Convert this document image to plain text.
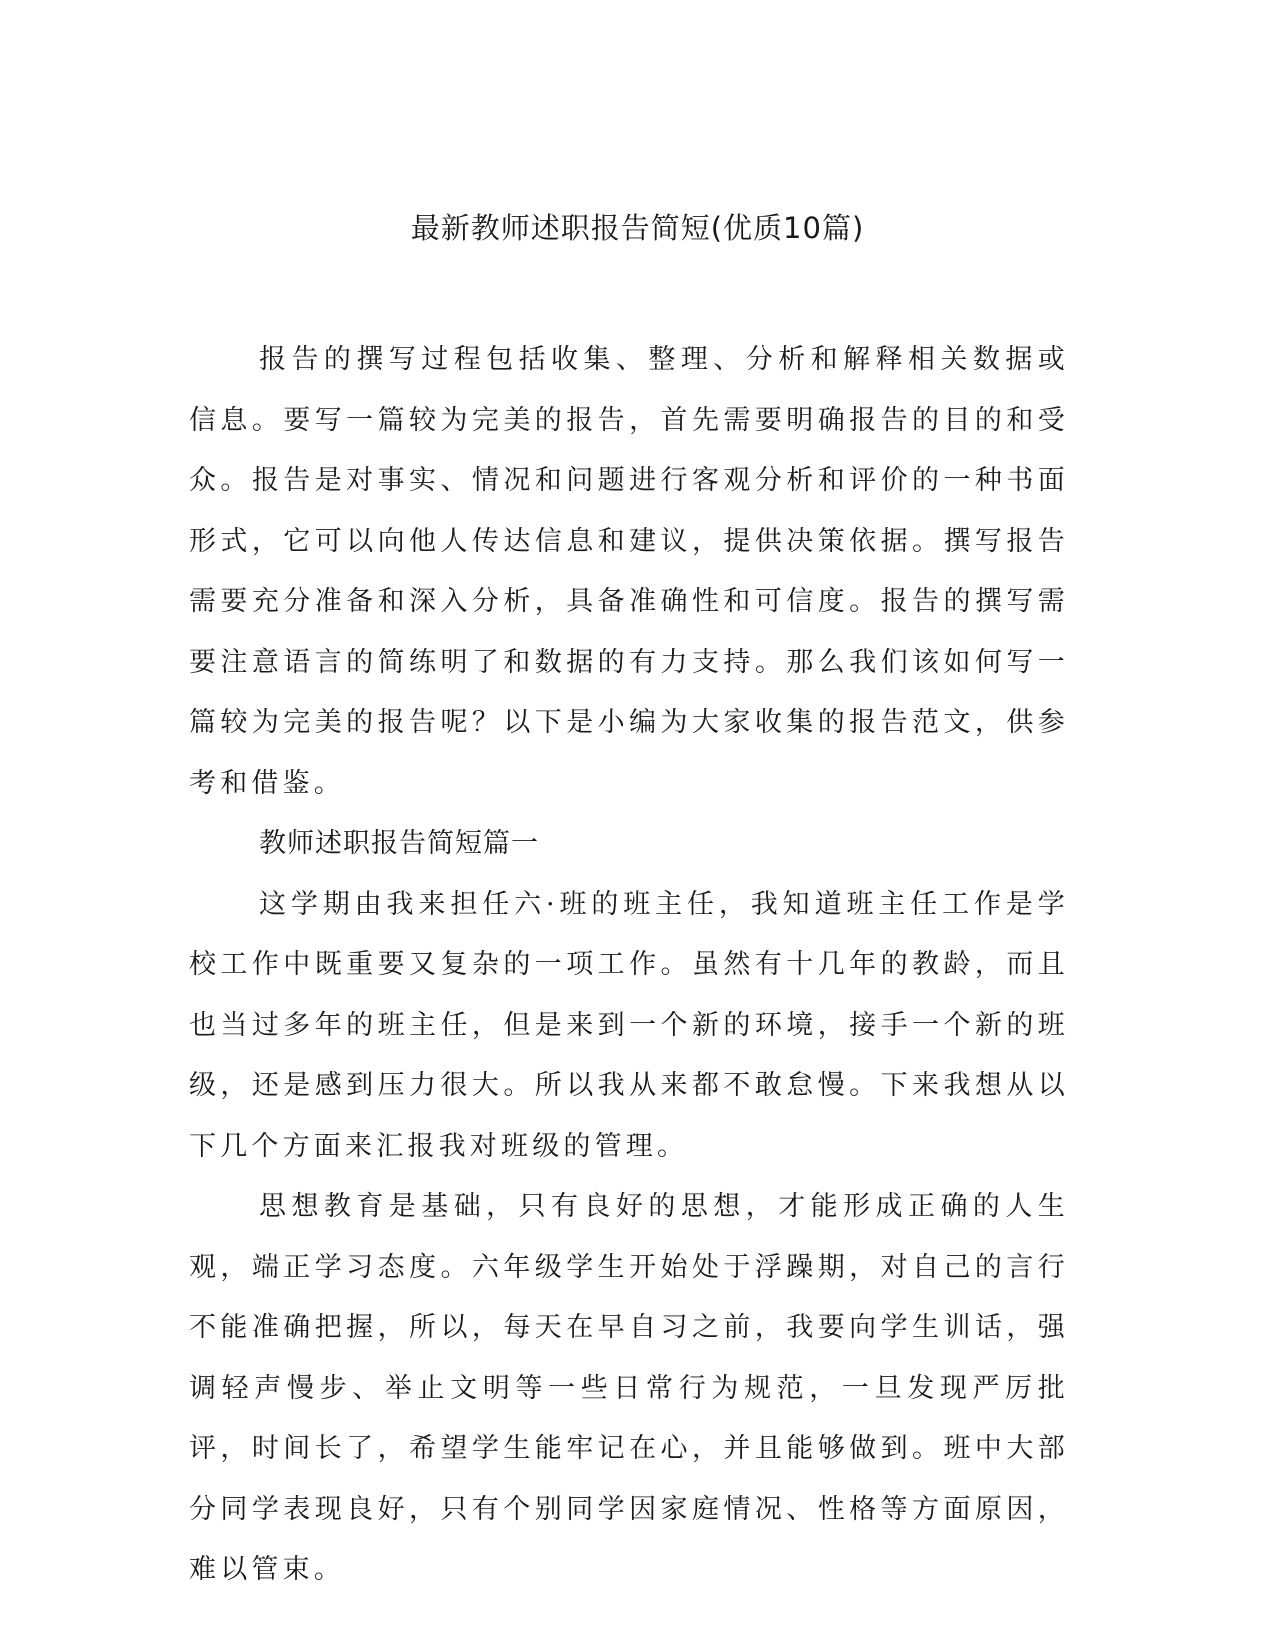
最新教师述职报告简短(优质10篇)

报告的撰写过程包括收集、整理、分析和解释相关数据或信息。要写一篇较为完美的报告，首先需要明确报告的目的和受众。报告是对事实、情况和问题进行客观分析和评价的一种书面形式，它可以向他人传达信息和建议，提供决策依据。撰写报告需要充分准备和深入分析，具备准确性和可信度。报告的撰写需要注意语言的简练明了和数据的有力支持。那么我们该如何写一篇较为完美的报告呢？以下是小编为大家收集的报告范文，供参考和借鉴。

教师述职报告简短篇一

这学期由我来担任六·班的班主任，我知道班主任工作是学校工作中既重要又复杂的一项工作。虽然有十几年的教龄，而且也当过多年的班主任，但是来到一个新的环境，接手一个新的班级，还是感到压力很大。所以我从来都不敢怠慢。下来我想从以下几个方面来汇报我对班级的管理。

思想教育是基础，只有良好的思想，才能形成正确的人生观，端正学习态度。六年级学生开始处于浮躁期，对自己的言行不能准确把握，所以，每天在早自习之前，我要向学生训话，强调轻声慢步、举止文明等一些日常行为规范，一旦发现严厉批评，时间长了，希望学生能牢记在心，并且能够做到。班中大部分同学表现良好，只有个别同学因家庭情况、性格等方面原因，难以管束。
